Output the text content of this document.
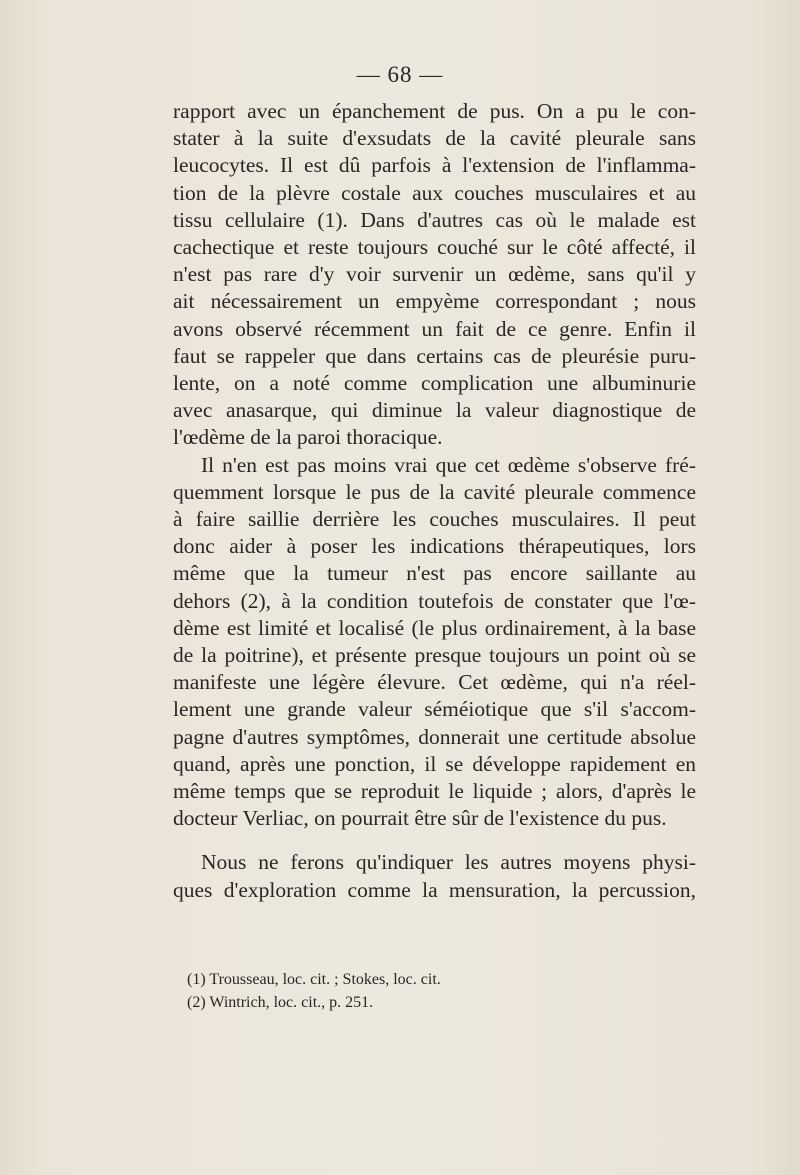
— 68 —

rapport avec un épanchement de pus. On a pu le con-
stater à la suite d'exsudats de la cavité pleurale sans
leucocytes. Il est dû parfois à l'extension de l'inflamma-
tion de la plèvre costale aux couches musculaires et au
tissu cellulaire (1). Dans d'autres cas où le malade est
cachectique et reste toujours couché sur le côté affecté, il
n'est pas rare d'y voir survenir un œdème, sans qu'il y
ait nécessairement un empyème correspondant ; nous
avons observé récemment un fait de ce genre. Enfin il
faut se rappeler que dans certains cas de pleurésie puru-
lente, on a noté comme complication une albuminurie
avec anasarque, qui diminue la valeur diagnostique de
l'œdème de la paroi thoracique.

Il n'en est pas moins vrai que cet œdème s'observe fré-
quemment lorsque le pus de la cavité pleurale commence
à faire saillie derrière les couches musculaires. Il peut
donc aider à poser les indications thérapeutiques, lors
même que la tumeur n'est pas encore saillante au
dehors (2), à la condition toutefois de constater que l'œ-
dème est limité et localisé (le plus ordinairement, à la base
de la poitrine), et présente presque toujours un point où se
manifeste une légère élevure. Cet œdème, qui n'a réel-
lement une grande valeur séméiotique que s'il s'accom-
pagne d'autres symptômes, donnerait une certitude absolue
quand, après une ponction, il se développe rapidement en
même temps que se reproduit le liquide ; alors, d'après le
docteur Verliac, on pourrait être sûr de l'existence du pus.

Nous ne ferons qu'indiquer les autres moyens physi-
ques d'exploration comme la mensuration, la percussion,

(1) Trousseau, loc. cit. ; Stokes, loc. cit.
(2) Wintrich, loc. cit., p. 251.
